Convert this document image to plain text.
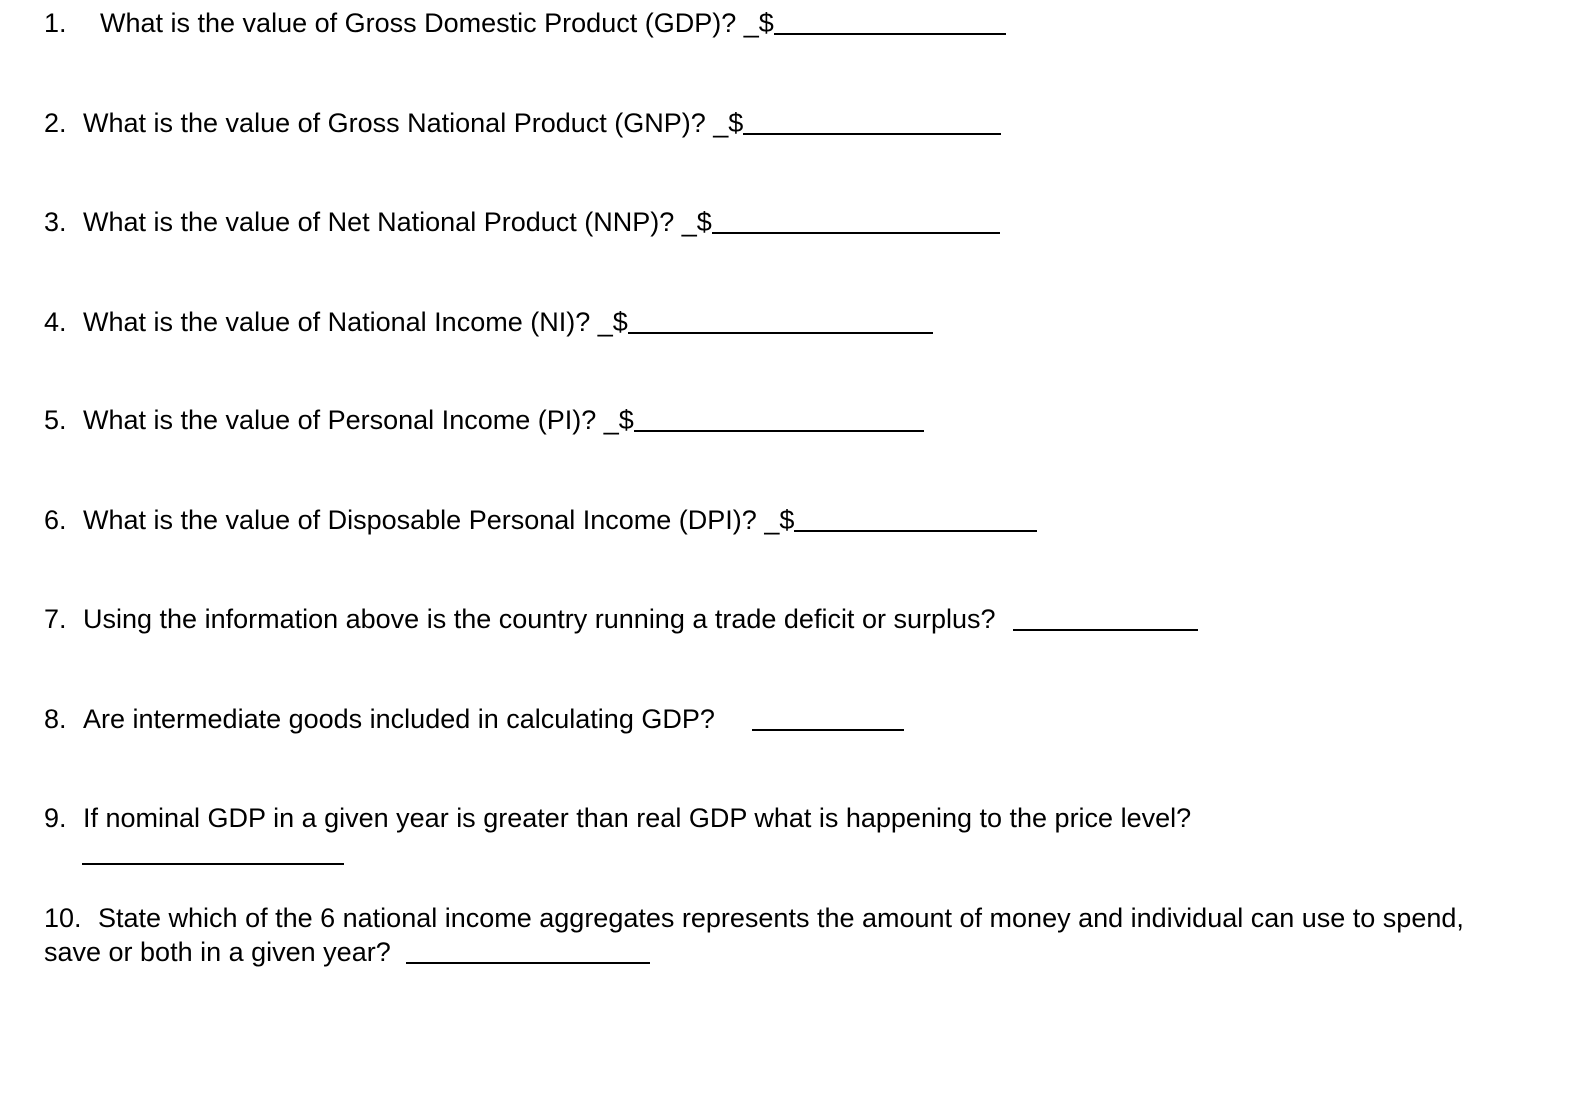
1. What is the value of Gross Domestic Product (GDP)? _$
2. What is the value of Gross National Product (GNP)? _$
3. What is the value of Net National Product (NNP)? _$
4. What is the value of National Income (NI)? _$
5. What is the value of Personal Income (PI)? _$
6. What is the value of Disposable Personal Income (DPI)? _$
7. Using the information above is the country running a trade deficit or surplus?
8. Are intermediate goods included in calculating GDP?
9. If nominal GDP in a given year is greater than real GDP what is happening to the price level?
10. State which of the 6 national income aggregates represents the amount of money and individual can use to spend, save or both in a given year?
